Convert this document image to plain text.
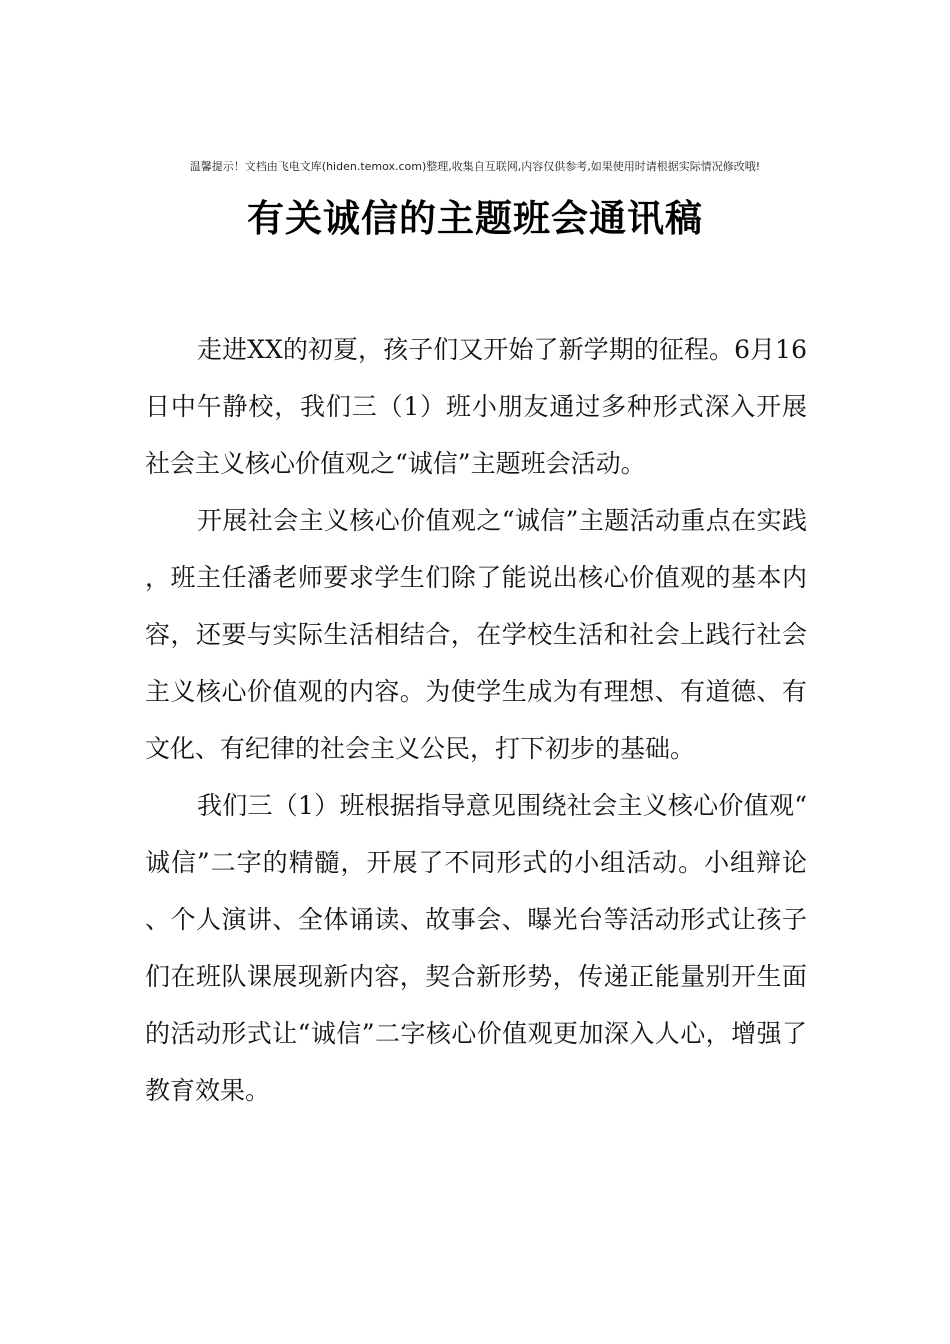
温馨提示！文档由飞电文库(hiden.temox.com)整理,收集自互联网,内容仅供参考,如果使用时请根据实际情况修改哦!
有关诚信的主题班会通讯稿

走进XX的初夏，孩子们又开始了新学期的征程。6月16日中午静校，我们三（1）班小朋友通过多种形式深入开展社会主义核心价值观之“诚信”主题班会活动。

开展社会主义核心价值观之“诚信”主题活动重点在实践，班主任潘老师要求学生们除了能说出核心价值观的基本内容，还要与实际生活相结合，在学校生活和社会上践行社会主义核心价值观的内容。为使学生成为有理想、有道德、有文化、有纪律的社会主义公民，打下初步的基础。

我们三（1）班根据指导意见围绕社会主义核心价值观“诚信”二字的精髓，开展了不同形式的小组活动。小组辩论、个人演讲、全体诵读、故事会、曝光台等活动形式让孩子们在班队课展现新内容，契合新形势，传递正能量别开生面的活动形式让“诚信”二字核心价值观更加深入人心，增强了教育效果。
